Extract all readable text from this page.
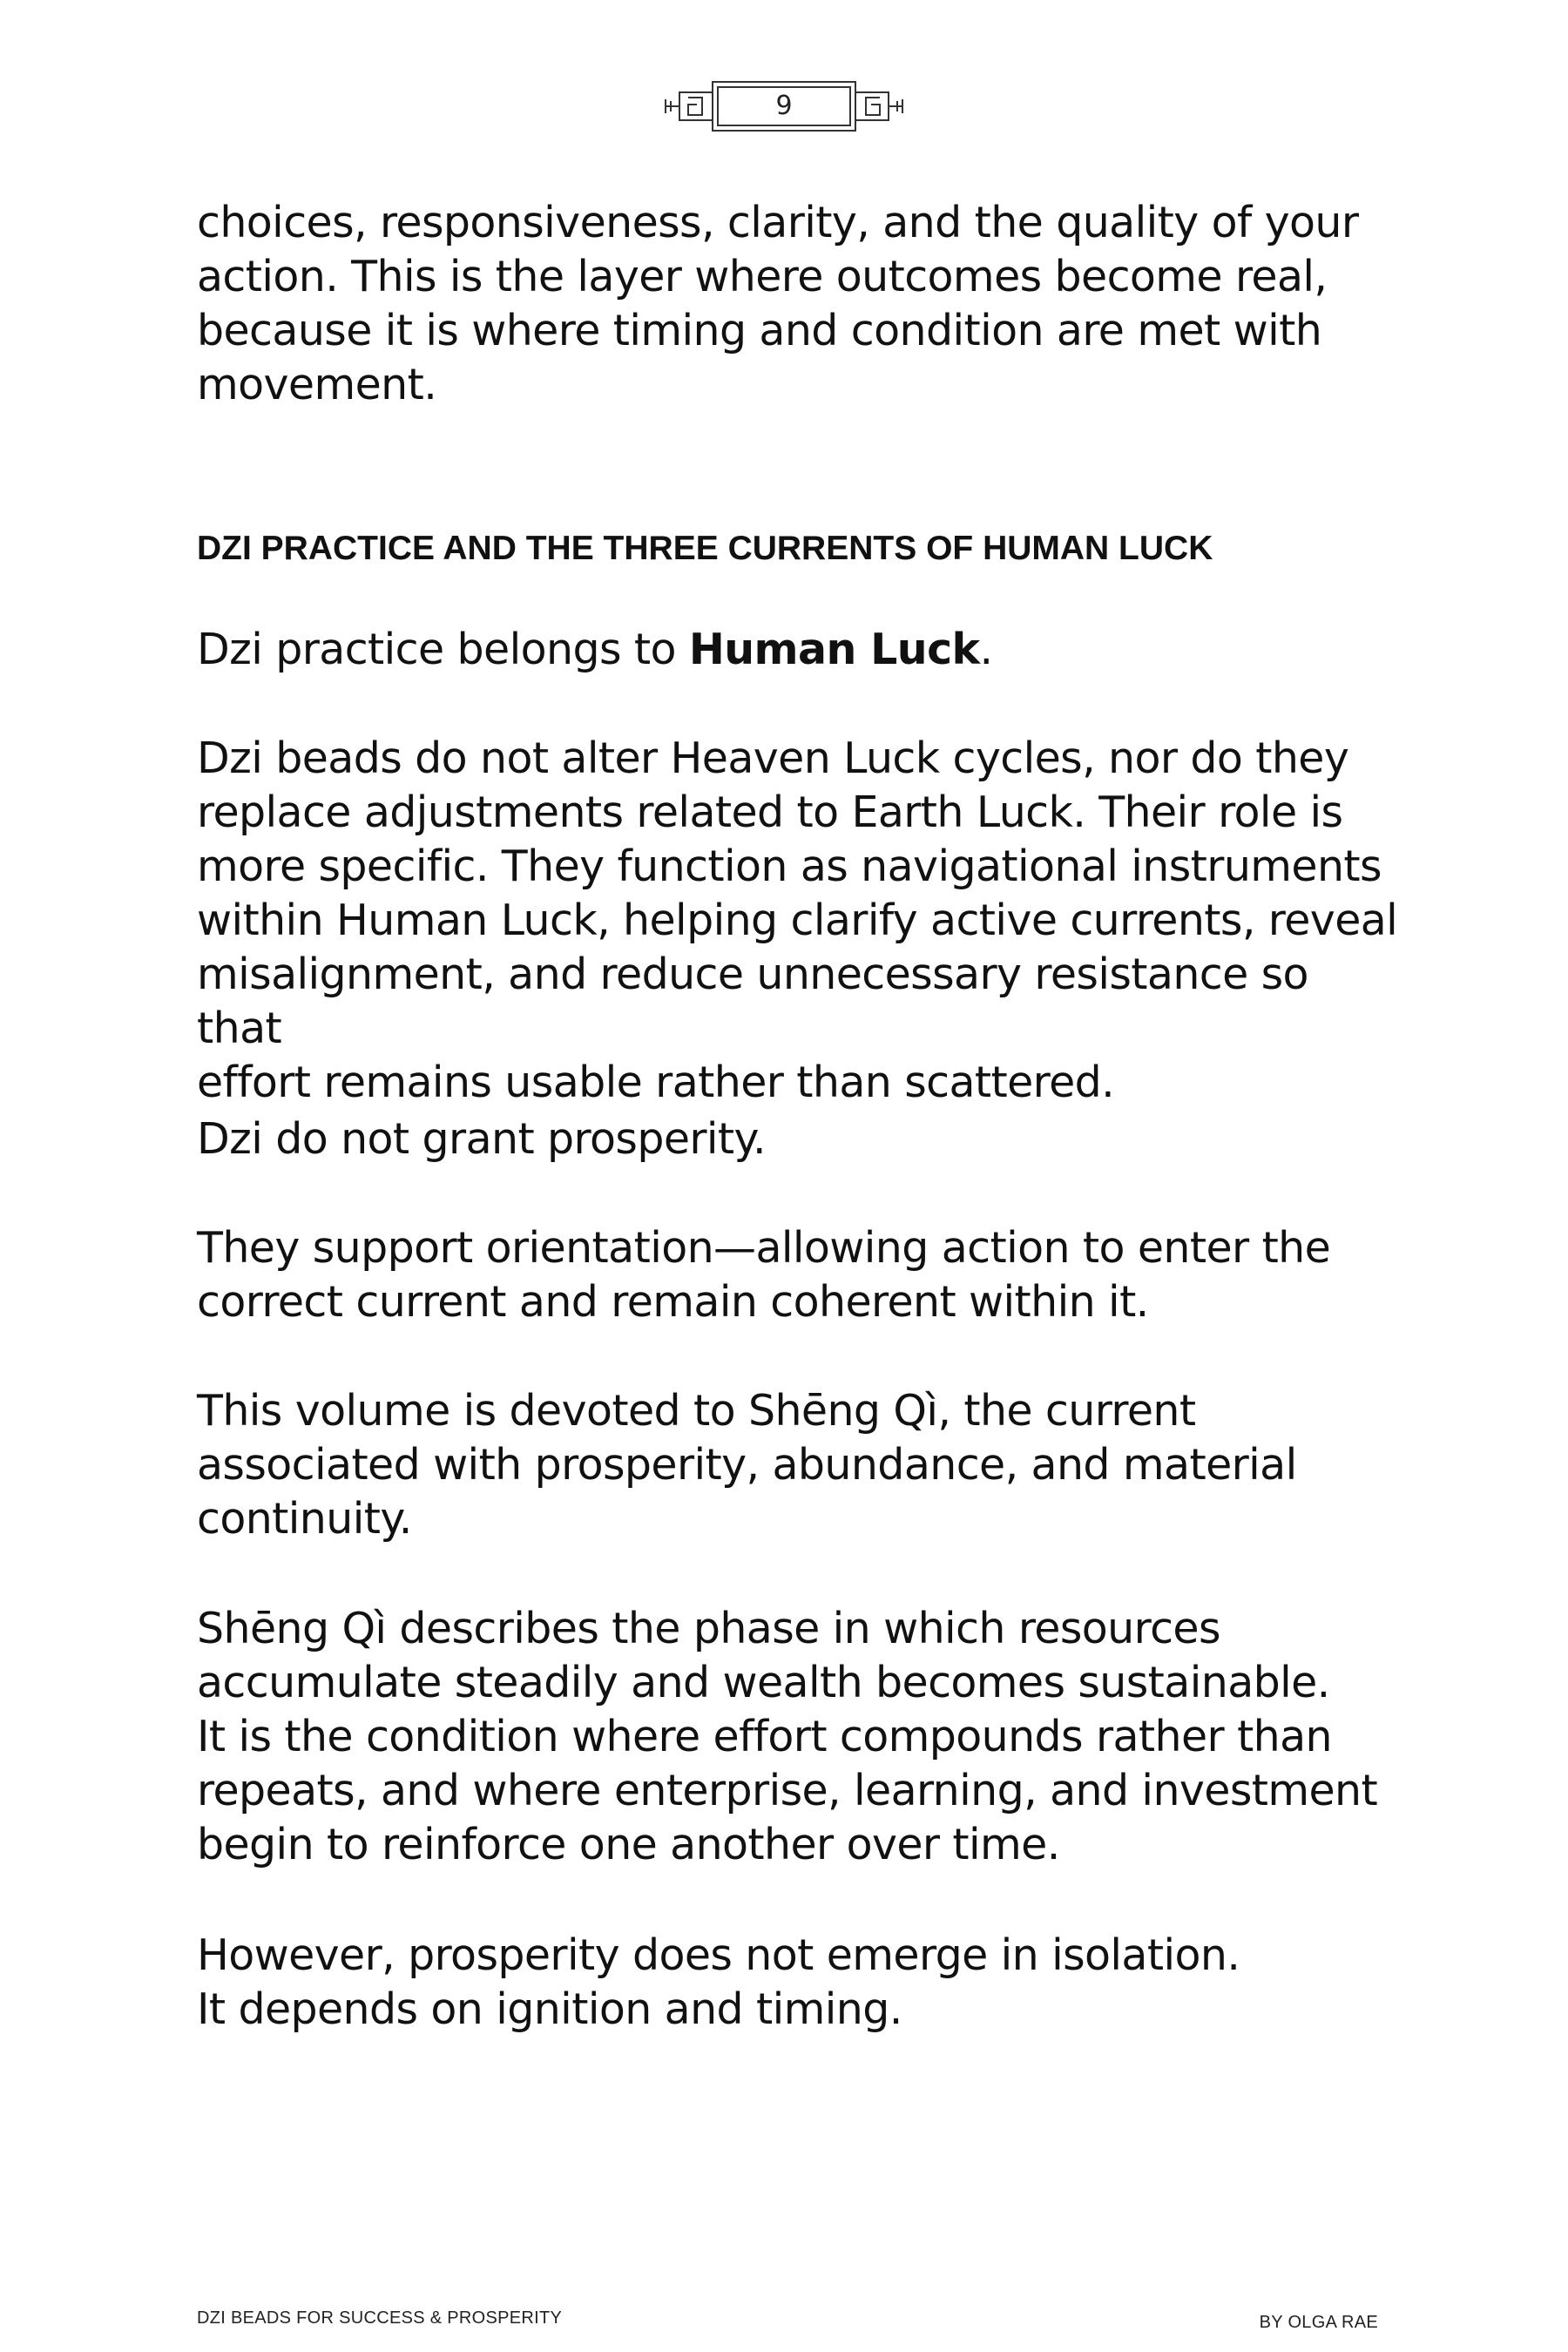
9

choices, responsiveness, clarity, and the quality of your

action. This is the layer where outcomes become real,

because it is where timing and condition are met with

movement.

DZI PRACTICE AND THE THREE CURRENTS OF HUMAN LUCK

Dzi practice belongs to Human Luck.

Dzi beads do not alter Heaven Luck cycles, nor do they

replace adjustments related to Earth Luck. Their role is

more specific. They function as navigational instruments

within Human Luck, helping clarify active currents, reveal

misalignment, and reduce unnecessary resistance so that

effort remains usable rather than scattered.

Dzi do not grant prosperity.

They support orientation—allowing action to enter the

correct current and remain coherent within it.

This volume is devoted to Shēng Qì, the current

associated with prosperity, abundance, and material

continuity.

Shēng Qì describes the phase in which resources

accumulate steadily and wealth becomes sustainable.

It is the condition where effort compounds rather than

repeats, and where enterprise, learning, and investment

begin to reinforce one another over time.

However, prosperity does not emerge in isolation.

It depends on ignition and timing.

DZI BEADS FOR SUCCESS & PROSPERITY	BY OLGA RAE
